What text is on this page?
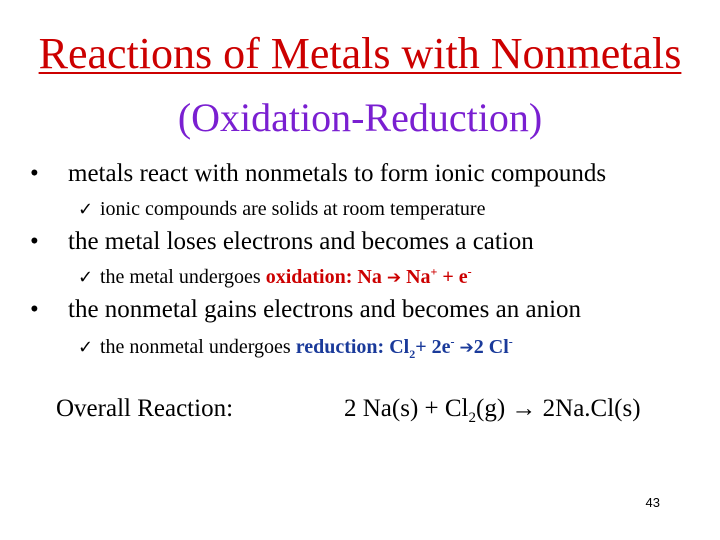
Reactions of Metals with Nonmetals
(Oxidation-Reduction)
• metals react with nonmetals to form ionic compounds
✓ ionic compounds are solids at room temperature
• the metal loses electrons and becomes a cation
✓ the metal undergoes oxidation: Na ➔ Na+ + e-
• the nonmetal gains electrons and becomes an anion
✓ the nonmetal undergoes reduction: $Cl_2+ 2e^-$ ➔2 Cl-
Overall Reaction:	2 $Na(s) + Cl_2(g) \to 2Na.Cl(s)$
43
